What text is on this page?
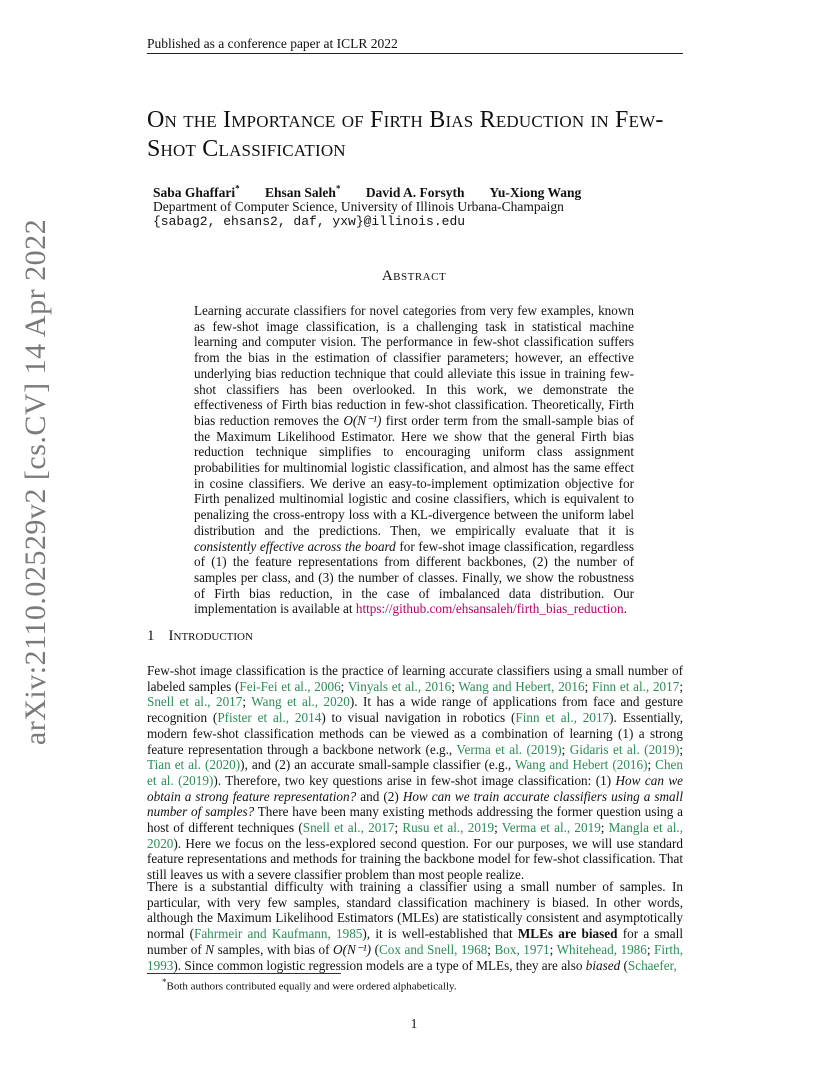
Published as a conference paper at ICLR 2022
arXiv:2110.02529v2 [cs.CV] 14 Apr 2022
On the Importance of Firth Bias Reduction in Few-Shot Classification
Saba Ghaffari* Ehsan Saleh* David A. Forsyth Yu-Xiong Wang
Department of Computer Science, University of Illinois Urbana-Champaign
{sabag2, ehsans2, daf, yxw}@illinois.edu
Abstract
Learning accurate classifiers for novel categories from very few examples, known as few-shot image classification, is a challenging task in statistical machine learning and computer vision. The performance in few-shot classification suffers from the bias in the estimation of classifier parameters; however, an effective underlying bias reduction technique that could alleviate this issue in training few-shot classifiers has been overlooked. In this work, we demonstrate the effectiveness of Firth bias reduction in few-shot classification. Theoretically, Firth bias reduction removes the O(N⁻¹) first order term from the small-sample bias of the Maximum Likelihood Estimator. Here we show that the general Firth bias reduction technique simplifies to encouraging uniform class assignment probabilities for multinomial logistic classification, and almost has the same effect in cosine classifiers. We derive an easy-to-implement optimization objective for Firth penalized multinomial logistic and cosine classifiers, which is equivalent to penalizing the cross-entropy loss with a KL-divergence between the uniform label distribution and the predictions. Then, we empirically evaluate that it is consistently effective across the board for few-shot image classification, regardless of (1) the feature representations from different backbones, (2) the number of samples per class, and (3) the number of classes. Finally, we show the robustness of Firth bias reduction, in the case of imbalanced data distribution. Our implementation is available at https://github.com/ehsansaleh/firth_bias_reduction.
1 Introduction
Few-shot image classification is the practice of learning accurate classifiers using a small number of labeled samples (Fei-Fei et al., 2006; Vinyals et al., 2016; Wang and Hebert, 2016; Finn et al., 2017; Snell et al., 2017; Wang et al., 2020). It has a wide range of applications from face and gesture recognition (Pfister et al., 2014) to visual navigation in robotics (Finn et al., 2017). Essentially, modern few-shot classification methods can be viewed as a combination of learning (1) a strong feature representation through a backbone network (e.g., Verma et al. (2019); Gidaris et al. (2019); Tian et al. (2020)), and (2) an accurate small-sample classifier (e.g., Wang and Hebert (2016); Chen et al. (2019)). Therefore, two key questions arise in few-shot image classification: (1) How can we obtain a strong feature representation? and (2) How can we train accurate classifiers using a small number of samples? There have been many existing methods addressing the former question using a host of different techniques (Snell et al., 2017; Rusu et al., 2019; Verma et al., 2019; Mangla et al., 2020). Here we focus on the less-explored second question. For our purposes, we will use standard feature representations and methods for training the backbone model for few-shot classification. That still leaves us with a severe classifier problem than most people realize.
There is a substantial difficulty with training a classifier using a small number of samples. In particular, with very few samples, standard classification machinery is biased. In other words, although the Maximum Likelihood Estimators (MLEs) are statistically consistent and asymptotically normal (Fahrmeir and Kaufmann, 1985), it is well-established that MLEs are biased for a small number of N samples, with bias of O(N⁻¹) (Cox and Snell, 1968; Box, 1971; Whitehead, 1986; Firth, 1993). Since common logistic regression models are a type of MLEs, they are also biased (Schaefer,
*Both authors contributed equally and were ordered alphabetically.
1
